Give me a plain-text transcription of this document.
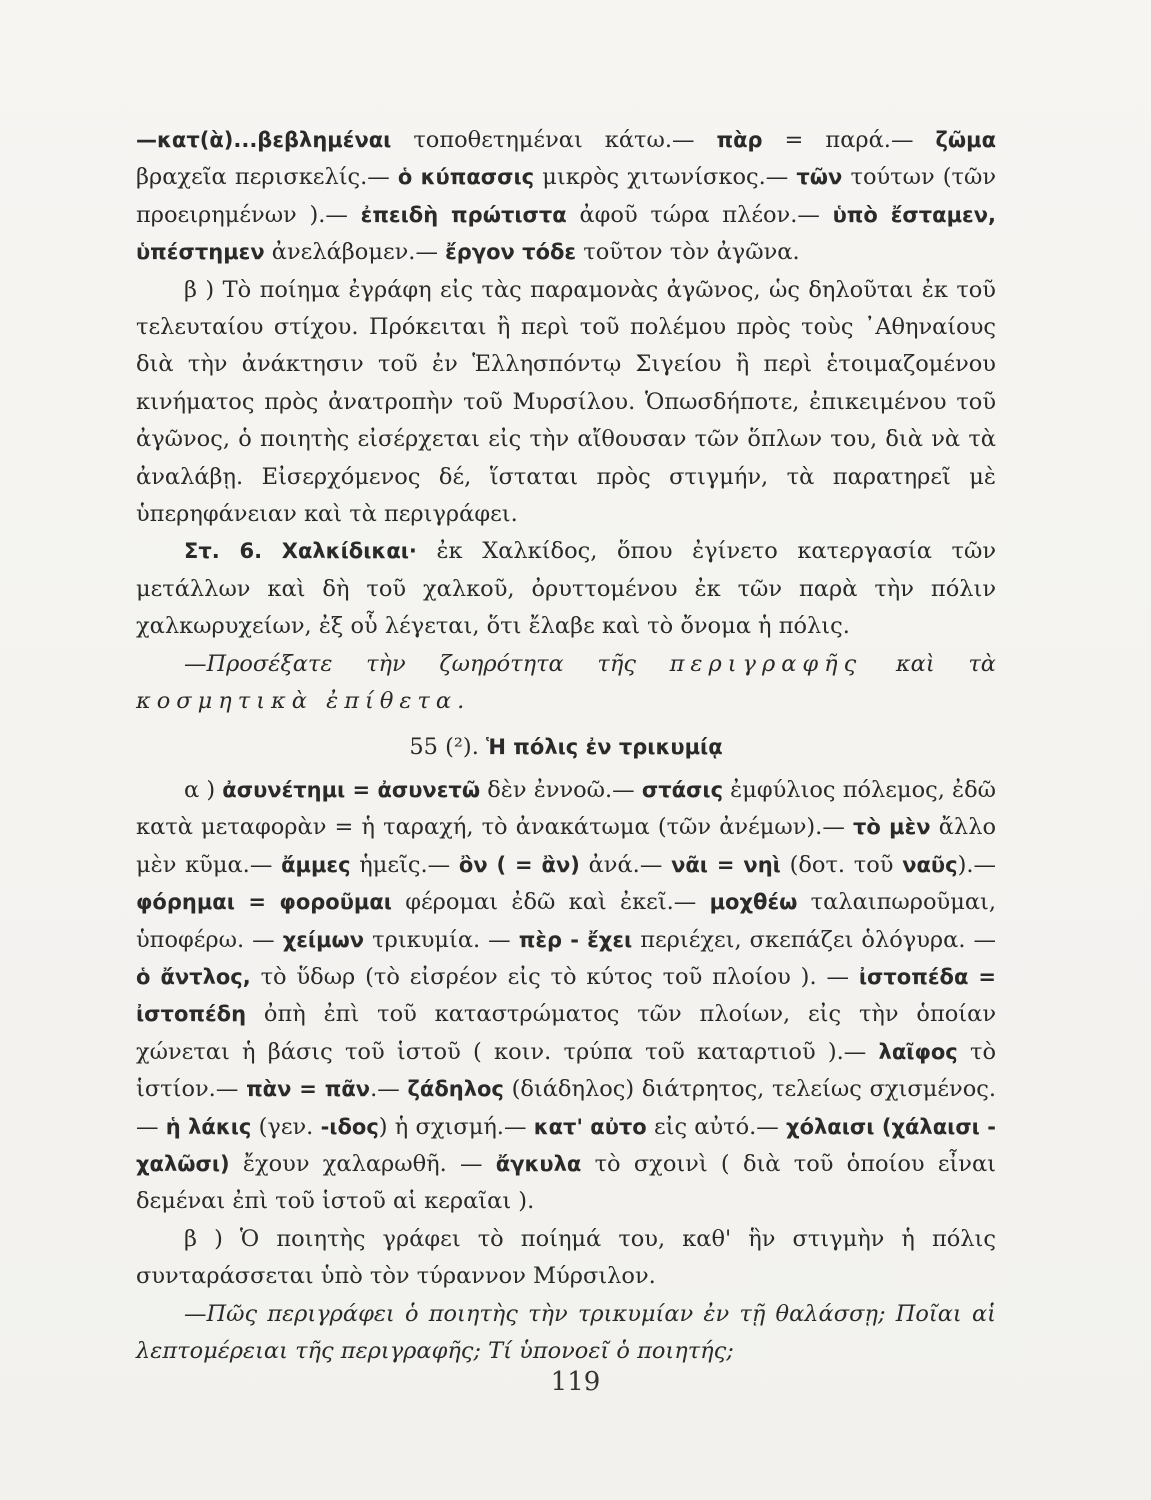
—κατ(ὰ)...βεβλημέναι τοποθετημέναι κάτω.— πὰρ = παρά.— ζῶμα βραχεῖα περισκελίς.— ὁ κύπασσις μικρὸς χιτωνίσκος.— τῶν τούτων (τῶν προειρημένων ).— ἐπειδὴ πρώτιστα ἀφοῦ τώρα πλέον.— ὑπὸ ἔσταμεν, ὑπέστημεν ἀνελάβομεν.— ἔργον τόδε τοῦτον τὸν ἀγῶνα.

β ) Τὸ ποίημα ἐγράφη εἰς τὰς παραμονὰς ἀγῶνος, ὡς δηλοῦται ἐκ τοῦ τελευταίου στίχου. Πρόκειται ἢ περὶ τοῦ πολέμου πρὸς τοὺς ᾿Αθηναίους διὰ τὴν ἀνάκτησιν τοῦ ἐν Ἑλλησπόντῳ Σιγείου ἢ περὶ ἑτοιμαζομένου κινήματος πρὸς ἀνατροπὴν τοῦ Μυρσίλου. Ὁπωσδήποτε, ἐπικειμένου τοῦ ἀγῶνος, ὁ ποιητὴς εἰσέρχεται εἰς τὴν αἴθουσαν τῶν ὅπλων του, διὰ νὰ τὰ ἀναλάβῃ. Εἰσερχόμενος δέ, ἵσταται πρὸς στιγμήν, τὰ παρατηρεῖ μὲ ὑπερηφάνειαν καὶ τὰ περιγράφει.

Στ. 6. Χαλκίδικαι· ἐκ Χαλκίδος, ὅπου ἐγίνετο κατεργασία τῶν μετάλλων καὶ δὴ τοῦ χαλκοῦ, ὀρυττομένου ἐκ τῶν παρὰ τὴν πόλιν χαλκωρυχείων, ἐξ οὗ λέγεται, ὅτι ἔλαβε καὶ τὸ ὄνομα ἡ πόλις.

—Προσέξατε τὴν ζωηρότητα τῆς περιγραφῆς καὶ τὰ κοσμητικὰ ἐπίθετα.

55 (²). Ἡ πόλις ἐν τρικυμίᾳ

α ) ἀσυνέτημι = ἀσυνετῶ δὲν ἐννοῶ.— στάσις ἐμφύλιος πόλεμος, ἐδῶ κατὰ μεταφορὰν = ἡ ταραχή, τὸ ἀνακάτωμα (τῶν ἀνέμων).— τὸ μὲν ἄλλο μὲν κῦμα.— ἄμμες ἡμεῖς.— ὂν ( = ἂν) ἀνά.— νᾶι = νηὶ (δοτ. τοῦ ναῦς).— φόρημαι = φοροῦμαι φέρομαι ἐδῶ καὶ ἐκεῖ.— μοχθέω ταλαιπωροῦμαι, ὑποφέρω. — χείμων τρικυμία. — πὲρ - ἔχει περιέχει, σκεπάζει ὁλόγυρα. — ὁ ἄντλος, τὸ ὕδωρ (τὸ εἰσρέον εἰς τὸ κύτος τοῦ πλοίου ). — ἰστοπέδα = ἰστοπέδη ὀπὴ ἐπὶ τοῦ καταστρώματος τῶν πλοίων, εἰς τὴν ὁποίαν χώνεται ἡ βάσις τοῦ ἱστοῦ ( κοιν. τρύπα τοῦ καταρτιοῦ ).— λαῖφος τὸ ἱστίον.— πὰν = πᾶν.— ζάδηλος (διάδηλος) διάτρητος, τελείως σχισμένος.— ἡ λάκις (γεν. -ιδος) ἡ σχισμή.— κατ' αὐτο εἰς αὐτό.— χόλαισι (χάλαισι - χαλῶσι) ἔχουν χαλαρωθῆ. — ἄγκυλα τὸ σχοινὶ ( διὰ τοῦ ὁποίου εἶναι δεμέναι ἐπὶ τοῦ ἱστοῦ αἱ κεραῖαι ).

β ) Ὁ ποιητὴς γράφει τὸ ποίημά του, καθ' ἣν στιγμὴν ἡ πόλις συνταράσσεται ὑπὸ τὸν τύραννον Μύρσιλον.

—Πῶς περιγράφει ὁ ποιητὴς τὴν τρικυμίαν ἐν τῇ θαλάσσῃ; Ποῖαι αἱ λεπτομέρειαι τῆς περιγραφῆς; Τί ὑπονοεῖ ὁ ποιητής;

119
